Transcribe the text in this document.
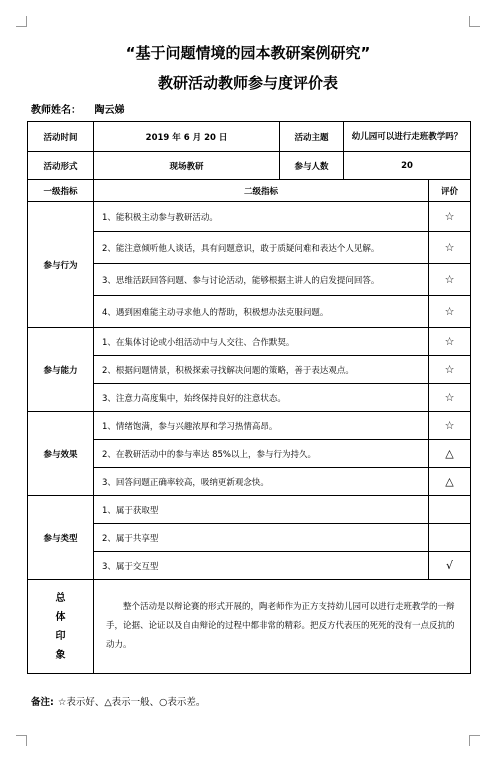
“基于问题情境的园本教研案例研究”
教研活动教师参与度评价表
教师姓名： 陶云娣
活动时间	2019 年 6 月 20 日	活动主题	幼儿园可以进行走班教学吗？	
活动形式	现场教研	参与人数	20	
一级指标	二级指标			评价
参与行为	1、能积极主动参与教研活动。			☆
	2、能注意倾听他人谈话，具有问题意识，敢于质疑问难和表达个人见解。			☆
	3、思维活跃回答问题、参与讨论活动，能够根据主讲人的启发提问回答。			☆
	4、遇到困难能主动寻求他人的帮助，积极想办法克服问题。			☆
参与能力	1、在集体讨论或小组活动中与人交往、合作默契。			☆
	2、根据问题情景，积极探索寻找解决问题的策略，善于表达观点。			☆
	3、注意力高度集中，始终保持良好的注意状态。			☆
参与效果	1、情绪饱满，参与兴趣浓厚和学习热情高昂。			☆
	2、在教研活动中的参与率达 85%以上，参与行为持久。			△
	3、回答问题正确率较高，吸纳更新观念快。			△
参与类型	1、属于获取型			
	2、属于共享型			
	3、属于交互型			√

总
体
印
象	整个活动是以辩论赛的形式开展的，陶老师作为正方支持幼儿园可以进行走班教学的一辩手，论据、论证以及自由辩论的过程中都非常的精彩。把反方代表压的死死的没有一点反抗的动力。			
备注: ☆表示好、△表示一般、○表示差。
